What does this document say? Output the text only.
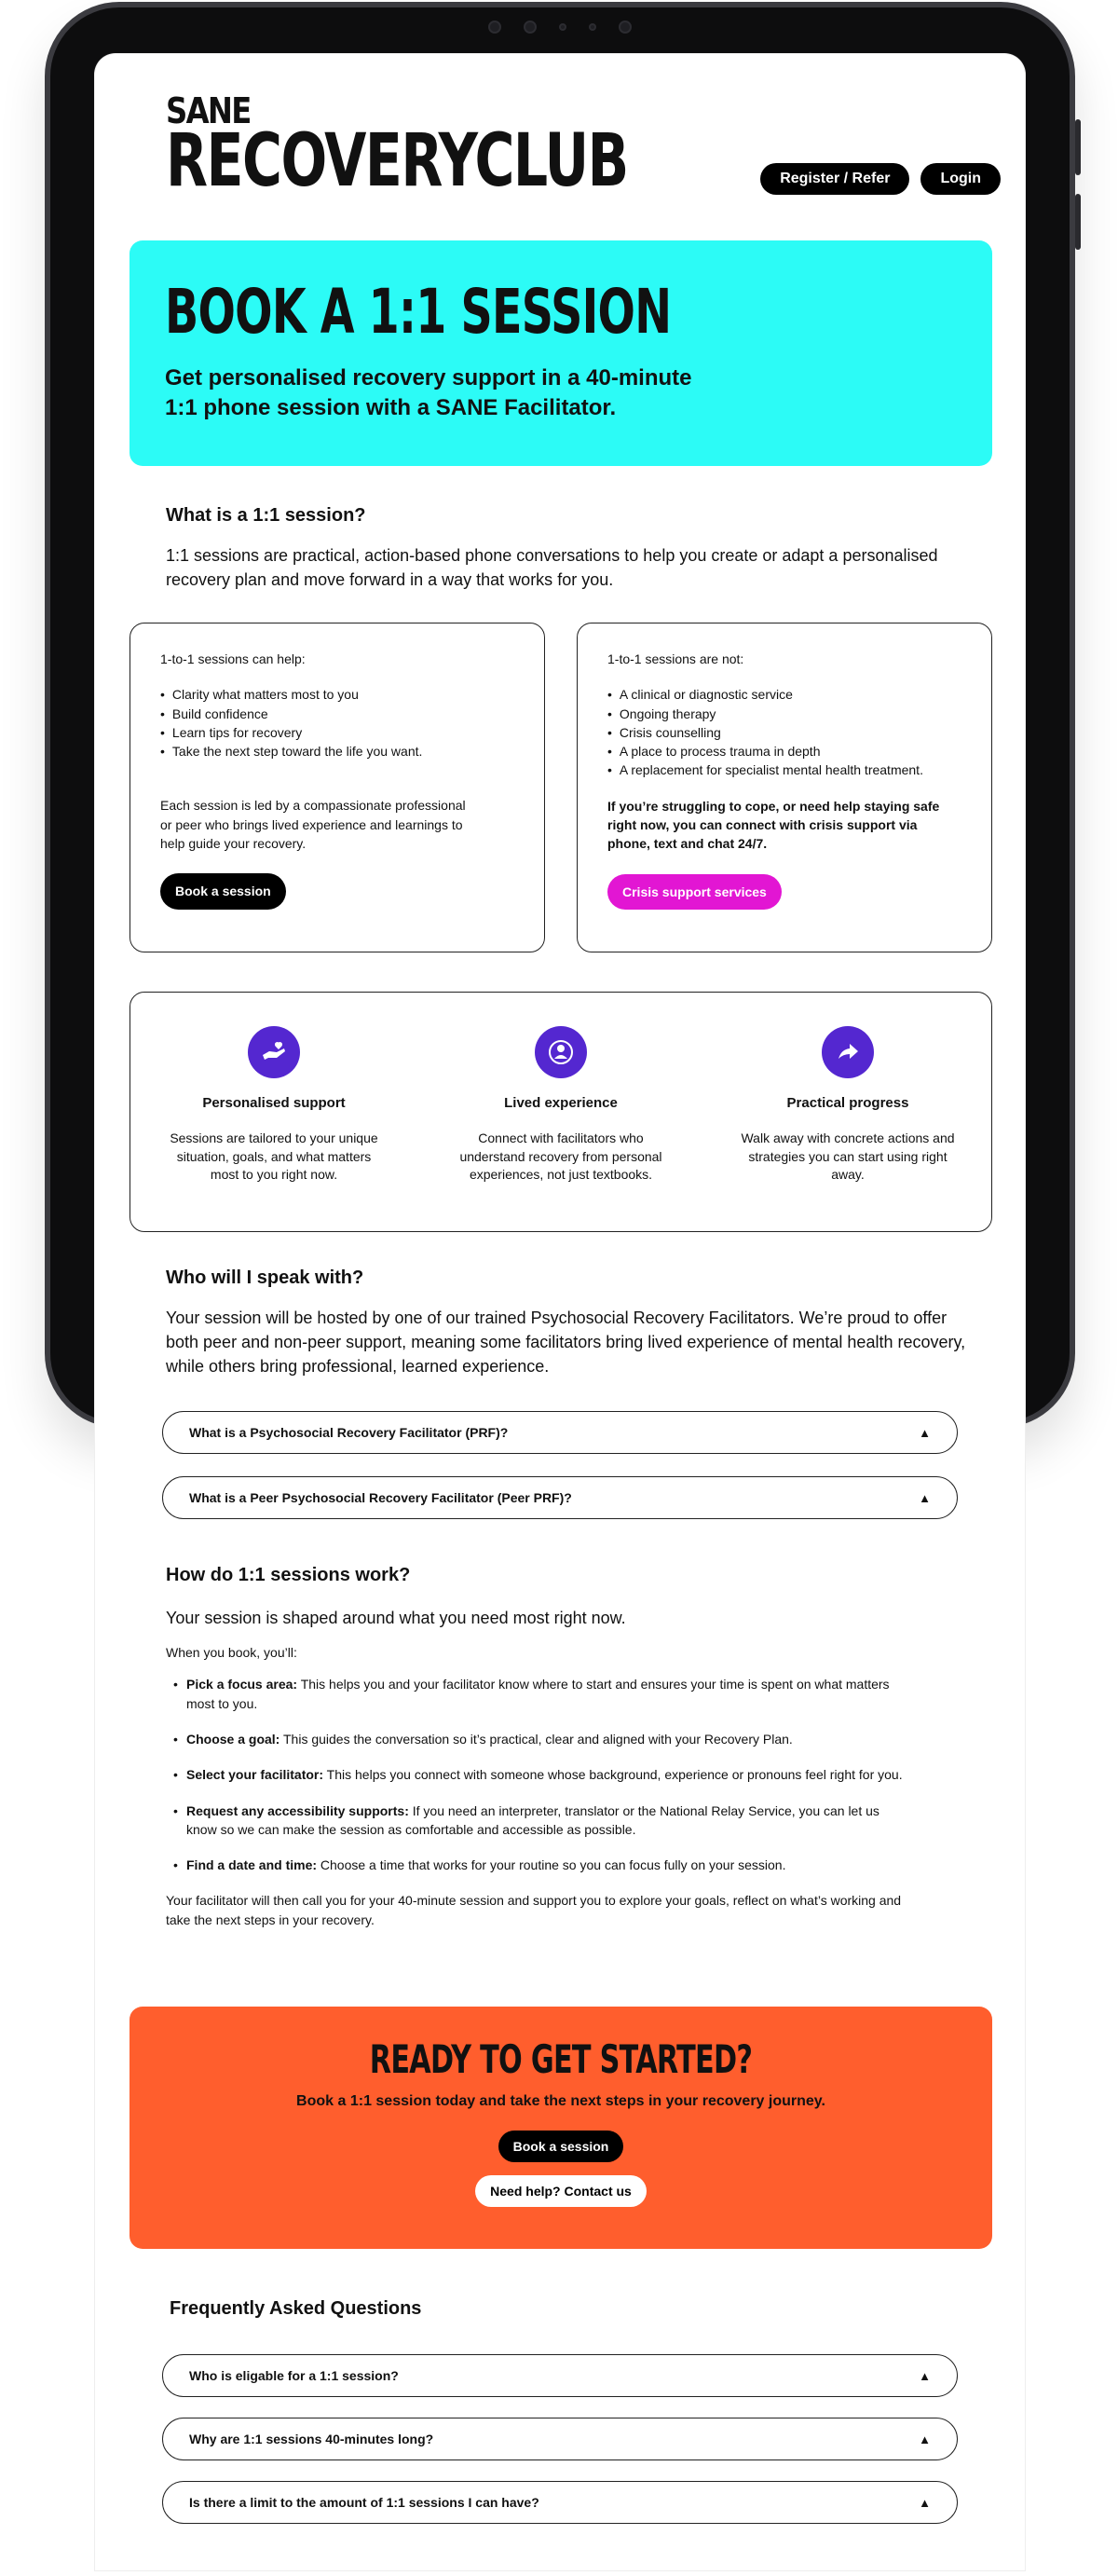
SANE
RECOVERYCLUB	Register / Refer	Login
BOOK A 1:1 SESSION

Get personalised recovery support in a 40-minute 1:1 phone session with a SANE Facilitator.

What is a 1:1 session?

1:1 sessions are practical, action-based phone conversations to help you create or adapt a personalised recovery plan and move forward in a way that works for you.

1-to-1 sessions can help:
• Clarity what matters most to you
• Build confidence
• Learn tips for recovery
• Take the next step toward the life you want.
Each session is led by a compassionate professional or peer who brings lived experience and learnings to help guide your recovery.
Book a session
1-to-1 sessions are not:
• A clinical or diagnostic service
• Ongoing therapy
• Crisis counselling
• A place to process trauma in depth
• A replacement for specialist mental health treatment.
If you’re struggling to cope, or need help staying safe right now, you can connect with crisis support via phone, text and chat 24/7.
Crisis support services
Personalised support

Sessions are tailored to your unique situation, goals, and what matters most to you right now.

Lived experience

Connect with facilitators who understand recovery from personal experiences, not just textbooks.

Practical progress

Walk away with concrete actions and strategies you can start using right away.

Who will I speak with?

Your session will be hosted by one of our trained Psychosocial Recovery Facilitators. We’re proud to offer both peer and non-peer support, meaning some facilitators bring lived experience of mental health recovery, while others bring professional, learned experience.

What is a Psychosocial Recovery Facilitator (PRF)?	▲
What is a Peer Psychosocial Recovery Facilitator (Peer PRF)?	▲
How do 1:1 sessions work?
Your session is shaped around what you need most right now.
When you book, you’ll:
• Pick a focus area: This helps you and your facilitator know where to start and ensures your time is spent on what matters most to you.
• Choose a goal: This guides the conversation so it’s practical, clear and aligned with your Recovery Plan.
• Select your facilitator: This helps you connect with someone whose background, experience or pronouns feel right for you.
• Request any accessibility supports: If you need an interpreter, translator or the National Relay Service, you can let us know so we can make the session as comfortable and accessible as possible.
• Find a date and time: Choose a time that works for your routine so you can focus fully on your session.
Your facilitator will then call you for your 40-minute session and support you to explore your goals, reflect on what’s working and take the next steps in your recovery.
READY TO GET STARTED?

Book a 1:1 session today and take the next steps in your recovery journey.

Book a session
Need help? Contact us
Frequently Asked Questions
Who is eligable for a 1:1 session?	▲
Why are 1:1 sessions 40-minutes long?	▲
Is there a limit to the amount of 1:1 sessions I can have?	▲
